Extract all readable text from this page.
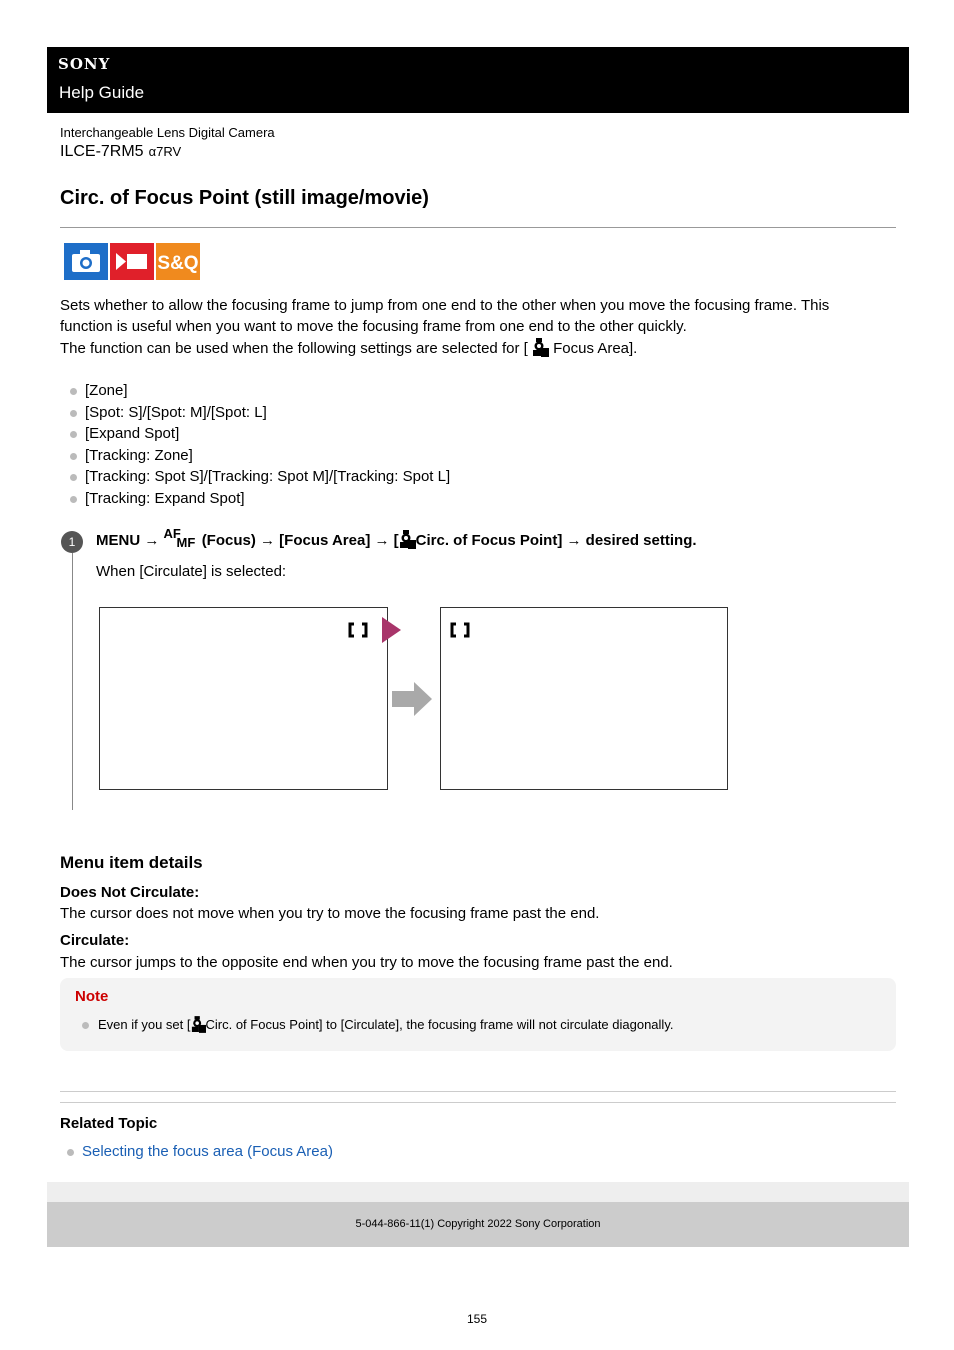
SONY
Help Guide
Interchangeable Lens Digital Camera
ILCE-7RM5 α7RV
Circ. of Focus Point (still image/movie)
S&Q
Sets whether to allow the focusing frame to jump from one end to the other when you move the focusing frame. This
function is useful when you want to move the focusing frame from one end to the other quickly.
The function can be used when the following settings are selected for [ Focus Area].
[Zone]
[Spot: S]/[Spot: M]/[Spot: L]
[Expand Spot]
[Tracking: Zone]
[Tracking: Spot S]/[Tracking: Spot M]/[Tracking: Spot L]
[Tracking: Expand Spot]
1	MENU → AF
MF (Focus) → [Focus Area] → [ Circ. of Focus Point] → desired setting.
When [Circulate] is selected:
Menu item details
Does Not Circulate:
The cursor does not move when you try to move the focusing frame past the end.
Circulate:
The cursor jumps to the opposite end when you try to move the focusing frame past the end.
Note
Even if you set [ Circ. of Focus Point] to [Circulate], the focusing frame will not circulate diagonally.
Related Topic
Selecting the focus area (Focus Area)
5-044-866-11(1) Copyright 2022 Sony Corporation
155
